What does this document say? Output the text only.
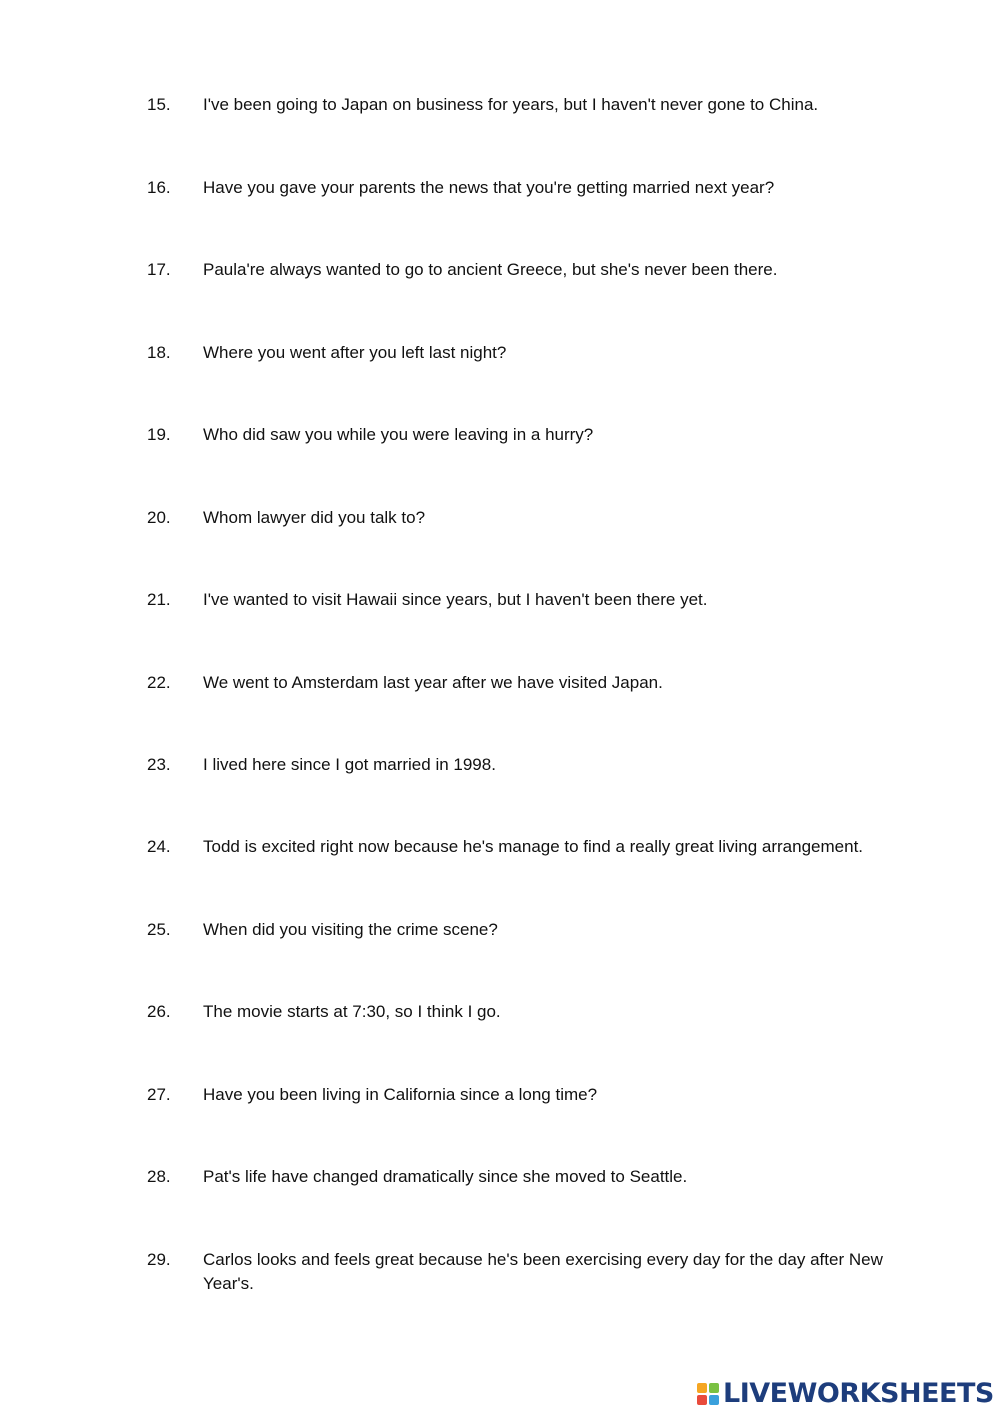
15. I've been going to Japan on business for years, but I haven't never gone to China.
16. Have you gave your parents the news that you're getting married next year?
17. Paula're always wanted to go to ancient Greece, but she's never been there.
18. Where you went after you left last night?
19. Who did saw you while you were leaving in a hurry?
20. Whom lawyer did you talk to?
21. I've wanted to visit Hawaii since years, but I haven't been there yet.
22. We went to Amsterdam last year after we have visited Japan.
23. I lived here since I got married in 1998.
24. Todd is excited right now because he's manage to find a really great living arrangement.
25. When did you visiting the crime scene?
26. The movie starts at 7:30, so I think I go.
27. Have you been living in California since a long time?
28. Pat's life have changed dramatically since she moved to Seattle.
29. Carlos looks and feels great because he's been exercising every day for the day after New Year's.
LIVEWORKSHEETS
